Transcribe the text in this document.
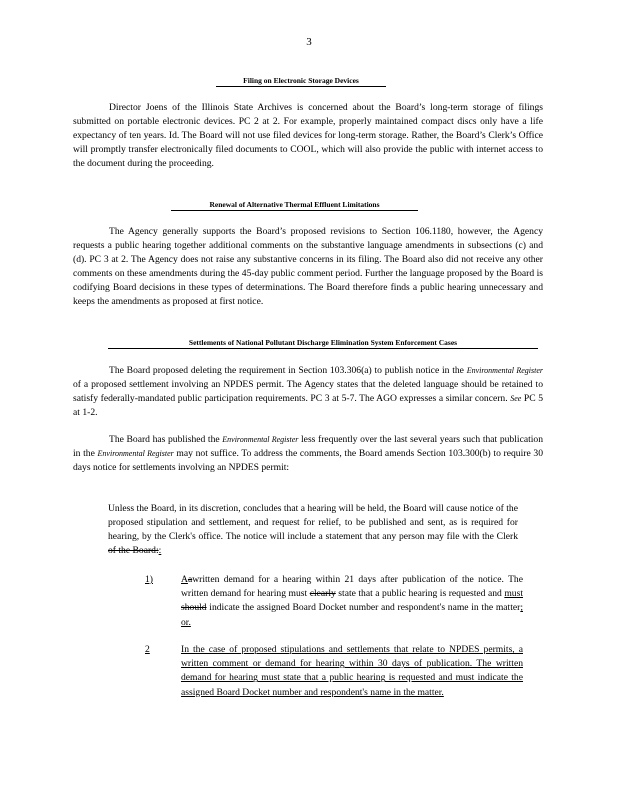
3
Filing on Electronic Storage Devices
Director Joens of the Illinois State Archives is concerned about the Board’s long-term storage of filings submitted on portable electronic devices. PC 2 at 2. For example, properly maintained compact discs only have a life expectancy of ten years. Id. The Board will not use filed devices for long-term storage. Rather, the Board’s Clerk’s Office will promptly transfer electronically filed documents to COOL, which will also provide the public with internet access to the document during the proceeding.
Renewal of Alternative Thermal Effluent Limitations
The Agency generally supports the Board’s proposed revisions to Section 106.1180, however, the Agency requests a public hearing together additional comments on the substantive language amendments in subsections (c) and (d). PC 3 at 2. The Agency does not raise any substantive concerns in its filing. The Board also did not receive any other comments on these amendments during the 45-day public comment period. Further the language proposed by the Board is codifying Board decisions in these types of determinations. The Board therefore finds a public hearing unnecessary and keeps the amendments as proposed at first notice.
Settlements of National Pollutant Discharge Elimination System Enforcement Cases
The Board proposed deleting the requirement in Section 103.306(a) to publish notice in the Environmental Register of a proposed settlement involving an NPDES permit. The Agency states that the deleted language should be retained to satisfy federally-mandated public participation requirements. PC 3 at 5-7. The AGO expresses a similar concern. See PC 5 at 1-2.
The Board has published the Environmental Register less frequently over the last several years such that publication in the Environmental Register may not suffice. To address the comments, the Board amends Section 103.300(b) to require 30 days notice for settlements involving an NPDES permit:
Unless the Board, in its discretion, concludes that a hearing will be held, the Board will cause notice of the proposed stipulation and settlement, and request for relief, to be published and sent, as is required for hearing, by the Clerk's office. The notice will include a statement that any person may file with the Clerk of the Board::
1)	Aawritten demand for a hearing within 21 days after publication of the notice. The written demand for hearing must clearly state that a public hearing is requested and must should indicate the assigned Board Docket number and respondent's name in the matter; or.
2	In the case of proposed stipulations and settlements that relate to NPDES permits, a written comment or demand for hearing within 30 days of publication. The written demand for hearing must state that a public hearing is requested and must indicate the assigned Board Docket number and respondent's name in the matter.
